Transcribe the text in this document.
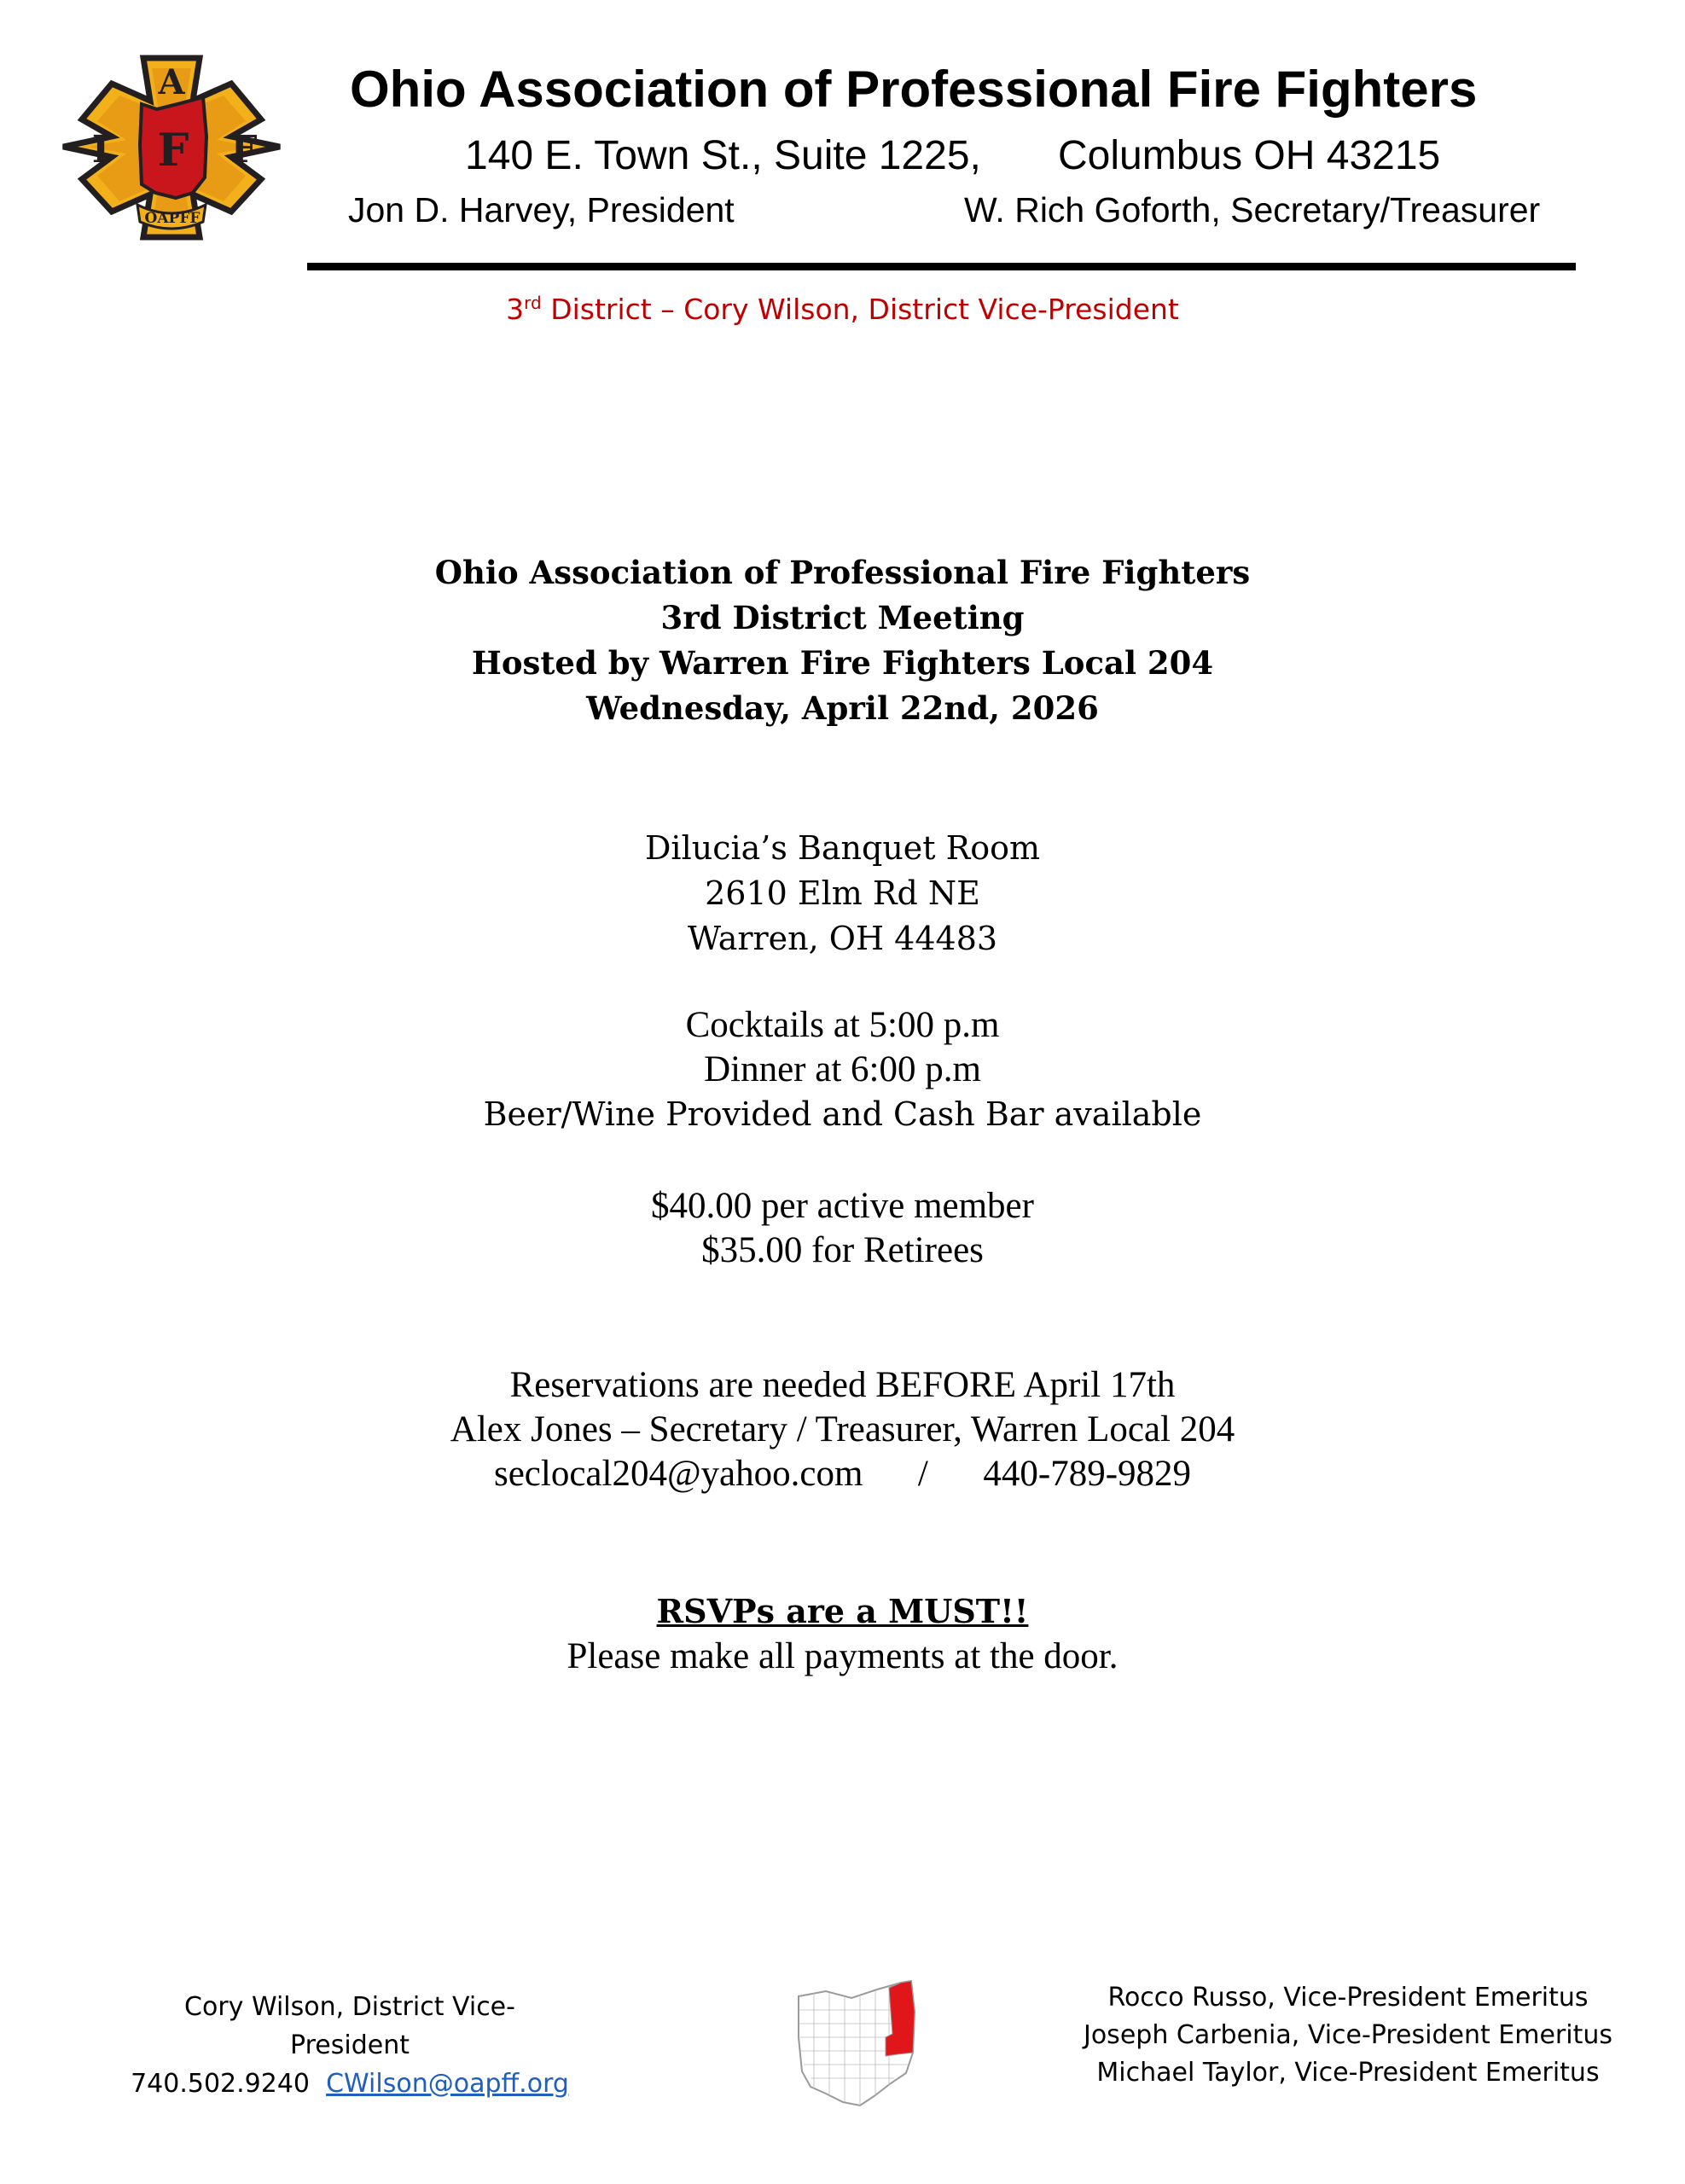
A
I F F
OAPFF
Ohio Association of Professional Fire Fighters
140 E. Town St., Suite 1225, Columbus OH 43215
Jon D. Harvey, President	W. Rich Goforth, Secretary/Treasurer
3rd District – Cory Wilson, District Vice-President
Ohio Association of Professional Fire Fighters
3rd District Meeting
Hosted by Warren Fire Fighters Local 204
Wednesday, April 22nd, 2026
Dilucia’s Banquet Room
2610 Elm Rd NE
Warren, OH 44483
Cocktails at 5:00 p.m
Dinner at 6:00 p.m
Beer/Wine Provided and Cash Bar available
$40.00 per active member
$35.00 for Retirees
Reservations are needed BEFORE April 17th
Alex Jones – Secretary / Treasurer, Warren Local 204
seclocal204@yahoo.com / 440-789-9829
RSVPs are a MUST!!
Please make all payments at the door.
Cory Wilson, District Vice-President
740.502.9240 CWilson@oapff.org
Rocco Russo, Vice-President Emeritus
Joseph Carbenia, Vice-President Emeritus
Michael Taylor, Vice-President Emeritus
